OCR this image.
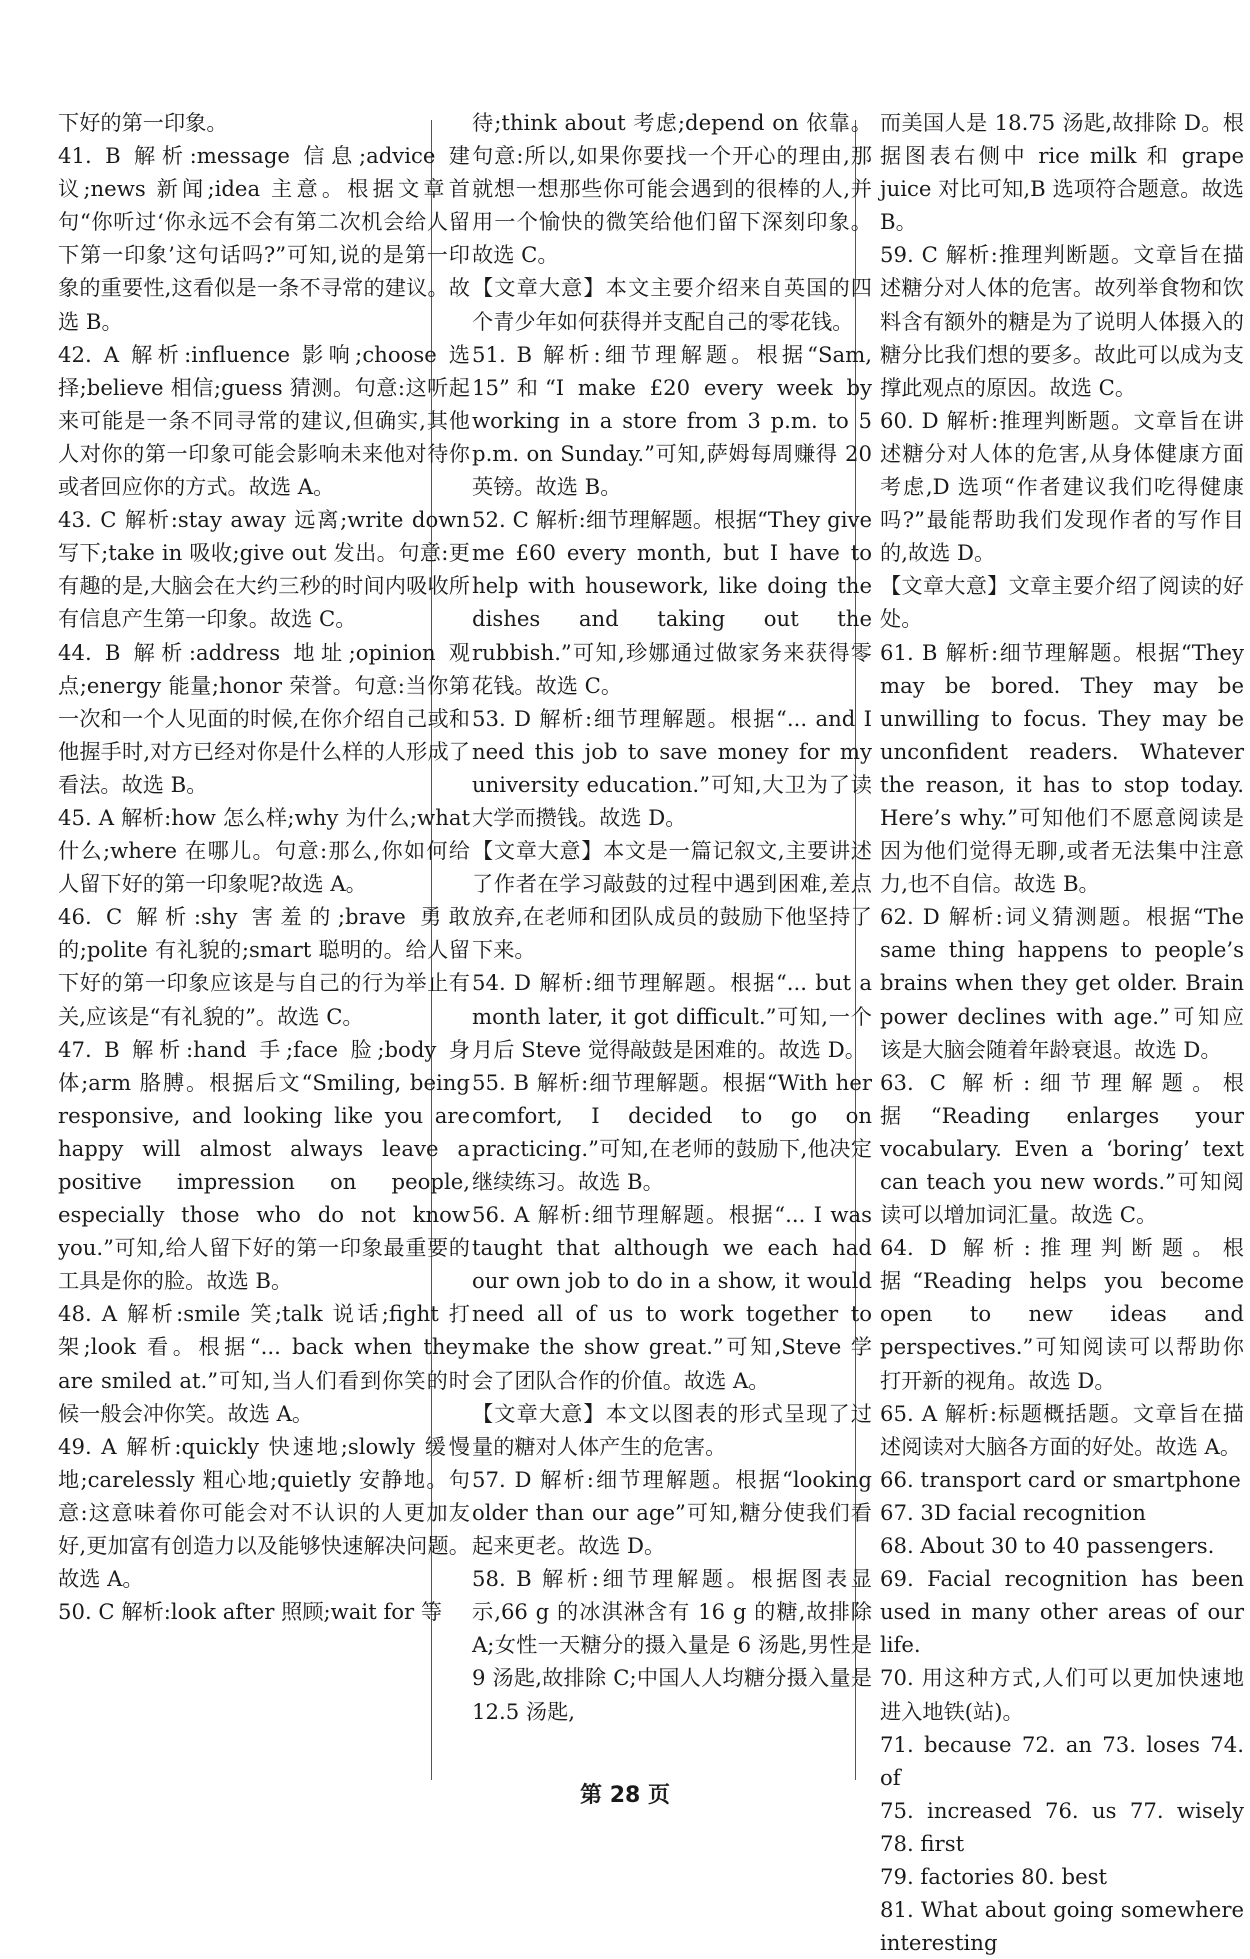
下好的第一印象。

41. B 解析:message 信息;advice 建议;news 新闻;idea 主意。根据文章首句“你听过‘你永远不会有第二次机会给人留下第一印象’这句话吗?”可知,说的是第一印象的重要性,这看似是一条不寻常的建议。故选 B。

42. A 解析:influence 影响;choose 选择;believe 相信;guess 猜测。句意:这听起来可能是一条不同寻常的建议,但确实,其他人对你的第一印象可能会影响未来他对待你或者回应你的方式。故选 A。

43. C 解析:stay away 远离;write down 写下;take in 吸收;give out 发出。句意:更有趣的是,大脑会在大约三秒的时间内吸收所有信息产生第一印象。故选 C。

44. B 解析:address 地址;opinion 观点;energy 能量;honor 荣誉。句意:当你第一次和一个人见面的时候,在你介绍自己或和他握手时,对方已经对你是什么样的人形成了看法。故选 B。

45. A 解析:how 怎么样;why 为什么;what 什么;where 在哪儿。句意:那么,你如何给人留下好的第一印象呢?故选 A。

46. C 解析:shy 害羞的;brave 勇敢的;polite 有礼貌的;smart 聪明的。给人留下好的第一印象应该是与自己的行为举止有关,应该是“有礼貌的”。故选 C。

47. B 解析:hand 手;face 脸;body 身体;arm 胳膊。根据后文“Smiling, being responsive, and looking like you are happy will almost always leave a positive impression on people, especially those who do not know you.”可知,给人留下好的第一印象最重要的工具是你的脸。故选 B。

48. A 解析:smile 笑;talk 说话;fight 打架;look 看。根据“... back when they are smiled at.”可知,当人们看到你笑的时候一般会冲你笑。故选 A。

49. A 解析:quickly 快速地;slowly 缓慢地;carelessly 粗心地;quietly 安静地。句意:这意味着你可能会对不认识的人更加友好,更加富有创造力以及能够快速解决问题。故选 A。

50. C 解析:look after 照顾;wait for 等

待;think about 考虑;depend on 依靠。句意:所以,如果你要找一个开心的理由,那就想一想那些你可能会遇到的很棒的人,并用一个愉快的微笑给他们留下深刻印象。故选 C。

【文章大意】本文主要介绍来自英国的四个青少年如何获得并支配自己的零花钱。

51. B 解析:细节理解题。根据“Sam, 15”和“I make £20 every week by working in a store from 3 p.m. to 5 p.m. on Sunday.”可知,萨姆每周赚得 20 英镑。故选 B。

52. C 解析:细节理解题。根据“They give me £60 every month, but I have to help with housework, like doing the dishes and taking out the rubbish.”可知,珍娜通过做家务来获得零花钱。故选 C。

53. D 解析:细节理解题。根据“... and I need this job to save money for my university education.”可知,大卫为了读大学而攒钱。故选 D。

【文章大意】本文是一篇记叙文,主要讲述了作者在学习敲鼓的过程中遇到困难,差点放弃,在老师和团队成员的鼓励下他坚持了下来。

54. D 解析:细节理解题。根据“... but a month later, it got difficult.”可知,一个月后 Steve 觉得敲鼓是困难的。故选 D。

55. B 解析:细节理解题。根据“With her comfort, I decided to go on practicing.”可知,在老师的鼓励下,他决定继续练习。故选 B。

56. A 解析:细节理解题。根据“... I was taught that although we each had our own job to do in a show, it would need all of us to work together to make the show great.”可知,Steve 学会了团队合作的价值。故选 A。

【文章大意】本文以图表的形式呈现了过量的糖对人体产生的危害。

57. D 解析:细节理解题。根据“looking older than our age”可知,糖分使我们看起来更老。故选 D。

58. B 解析:细节理解题。根据图表显示,66 g 的冰淇淋含有 16 g 的糖,故排除 A;女性一天糖分的摄入量是 6 汤匙,男性是 9 汤匙,故排除 C;中国人人均糖分摄入量是 12.5 汤匙,

而美国人是 18.75 汤匙,故排除 D。根据图表右侧中 rice milk 和 grape juice 对比可知,B 选项符合题意。故选 B。

59. C 解析:推理判断题。文章旨在描述糖分对人体的危害。故列举食物和饮料含有额外的糖是为了说明人体摄入的糖分比我们想的要多。故此可以成为支撑此观点的原因。故选 C。

60. D 解析:推理判断题。文章旨在讲述糖分对人体的危害,从身体健康方面考虑,D 选项“作者建议我们吃得健康吗?”最能帮助我们发现作者的写作目的,故选 D。

【文章大意】文章主要介绍了阅读的好处。

61. B 解析:细节理解题。根据“They may be bored. They may be unwilling to focus. They may be unconfident readers. Whatever the reason, it has to stop today. Here’s why.”可知他们不愿意阅读是因为他们觉得无聊,或者无法集中注意力,也不自信。故选 B。

62. D 解析:词义猜测题。根据“The same thing happens to people’s brains when they get older. Brain power declines with age.”可知应该是大脑会随着年龄衰退。故选 D。

63. C 解析:细节理解题。根据“Reading enlarges your vocabulary. Even a ‘boring’ text can teach you new words.”可知阅读可以增加词汇量。故选 C。

64. D 解析:推理判断题。根据“Reading helps you become open to new ideas and perspectives.”可知阅读可以帮助你打开新的视角。故选 D。

65. A 解析:标题概括题。文章旨在描述阅读对大脑各方面的好处。故选 A。

66. transport card or smartphone

67. 3D facial recognition

68. About 30 to 40 passengers.

69. Facial recognition has been used in many other areas of our life.

70. 用这种方式,人们可以更加快速地进入地铁(站)。

71. because 72. an 73. loses 74. of

75. increased 76. us 77. wisely 78. first

79. factories 80. best

81. What about going somewhere interesting

第 28 页
